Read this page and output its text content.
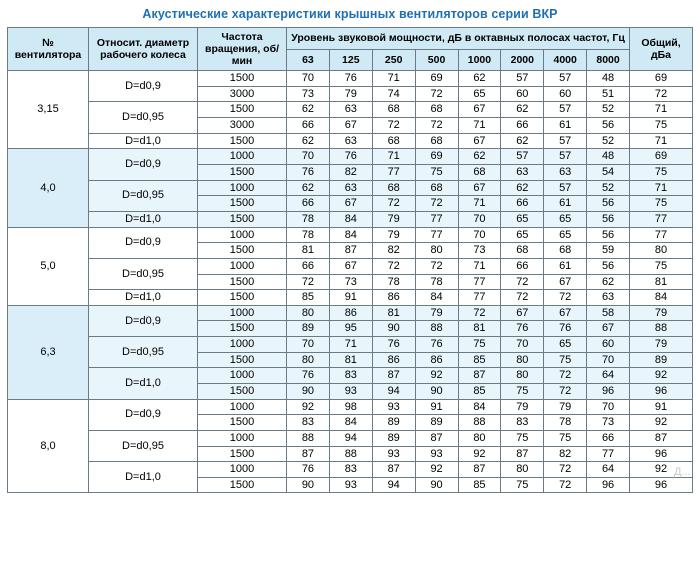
Акустические характеристики крышных вентиляторов серии ВКР
№ вентилятора	Относит. диаметр рабочего колеса	Частота вращения, об/мин	Уровень звуковой мощности, дБ в октавных полосах частот, Гц								Общий, дБа
			63	125	250	500	1000	2000	4000	8000	
3,15	D=d0,9	1500	70	76	71	69	62	57	57	48	69
		3000	73	79	74	72	65	60	60	51	72
	D=d0,95	1500	62	63	68	68	67	62	57	52	71
		3000	66	67	72	72	71	66	61	56	75
	D=d1,0	1500	62	63	68	68	67	62	57	52	71
4,0	D=d0,9	1000	70	76	71	69	62	57	57	48	69
		1500	76	82	77	75	68	63	63	54	75
	D=d0,95	1000	62	63	68	68	67	62	57	52	71
		1500	66	67	72	72	71	66	61	56	75
	D=d1,0	1500	78	84	79	77	70	65	65	56	77
5,0	D=d0,9	1000	78	84	79	77	70	65	65	56	77
		1500	81	87	82	80	73	68	68	59	80
	D=d0,95	1000	66	67	72	72	71	66	61	56	75
		1500	72	73	78	78	77	72	67	62	81
	D=d1,0	1500	85	91	86	84	77	72	72	63	84
6,3	D=d0,9	1000	80	86	81	79	72	67	67	58	79
		1500	89	95	90	88	81	76	76	67	88
	D=d0,95	1000	70	71	76	76	75	70	65	60	79
		1500	80	81	86	86	85	80	75	70	89
	D=d1,0	1000	76	83	87	92	87	80	72	64	92
		1500	90	93	94	90	85	75	72	96	96
8,0	D=d0,9	1000	92	98	93	91	84	79	79	70	91
		1500	83	84	89	89	88	83	78	73	92
	D=d0,95	1000	88	94	89	87	80	75	75	66	87
		1500	87	88	93	93	92	87	82	77	96
	D=d1,0	1000	76	83	87	92	87	80	72	64	92
		1500	90	93	94	90	85	75	72	96	96
Д...
